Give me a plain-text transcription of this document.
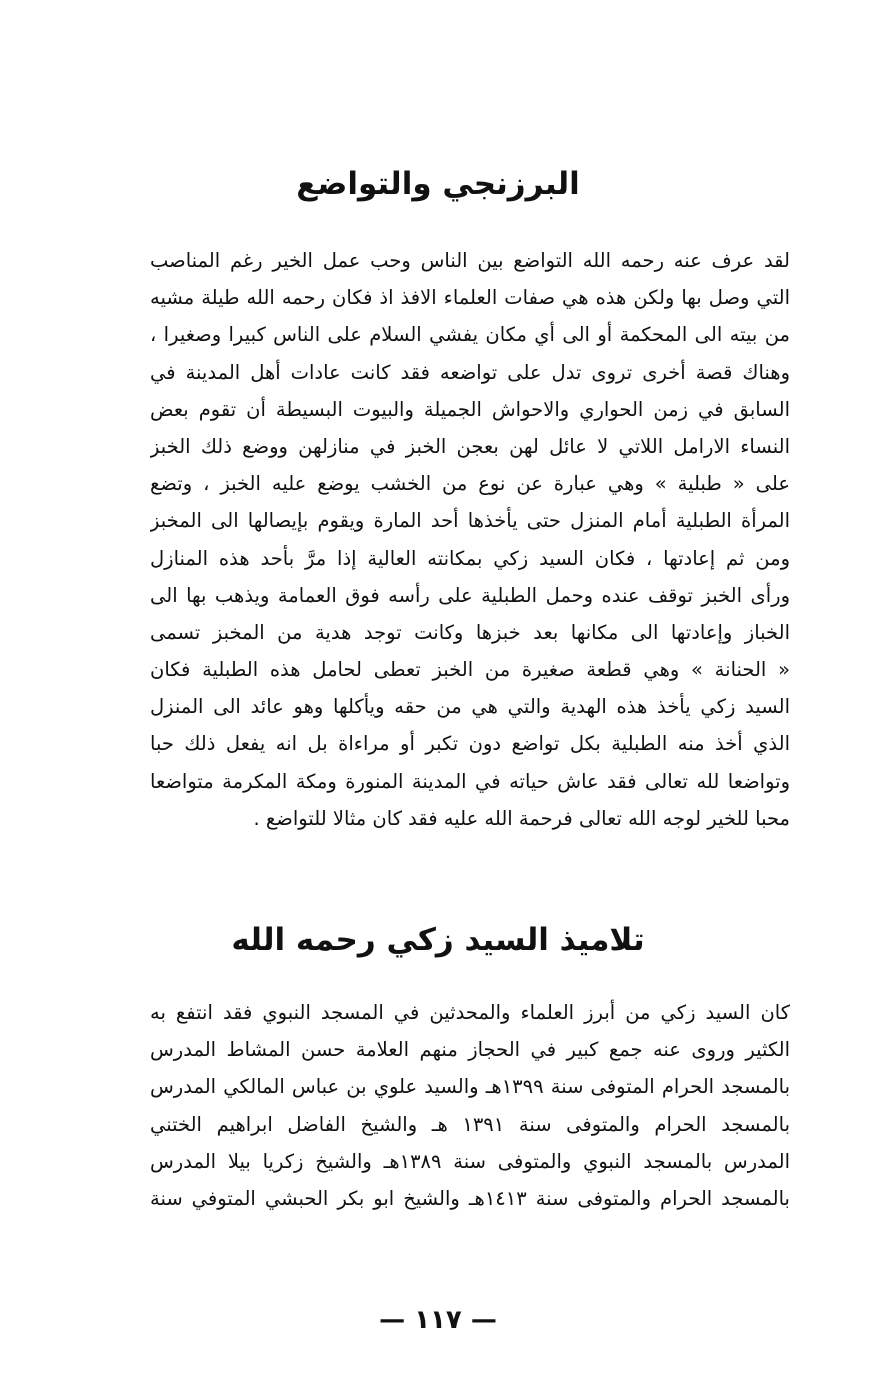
البرزنجي والتواضع
لقد عرف عنه رحمه الله التواضع بين الناس وحب عمل الخير رغم المناصب
التي وصل بها ولكن هذه هي صفات العلماء الافذ اذ فكان رحمه الله طيلة مشيه
من بيته الى المحكمة أو الى أي مكان يفشي السلام على الناس كبيرا وصغيرا ،
وهناك قصة أخرى تروى تدل على تواضعه فقد كانت عادات أهل المدينة في
السابق في زمن الحواري والاحواش الجميلة والبيوت البسيطة أن تقوم بعض
النساء الارامل اللاتي لا عائل لهن بعجن الخبز في منازلهن ووضع ذلك الخبز
على « طبلية » وهي عبارة عن نوع من الخشب يوضع عليه الخبز ، وتضع
المرأة الطبلية أمام المنزل حتى يأخذها أحد المارة ويقوم بإيصالها الى المخبز
ومن ثم إعادتها ، فكان السيد زكي بمكانته العالية إذا مرَّ بأحد هذه المنازل
ورأى الخبز توقف عنده وحمل الطبلية على رأسه فوق العمامة ويذهب بها الى
الخباز وإعادتها الى مكانها بعد خبزها وكانت توجد هدية من المخبز تسمى
« الحنانة » وهي قطعة صغيرة من الخبز تعطى لحامل هذه الطبلية فكان
السيد زكي يأخذ هذه الهدية والتي هي من حقه ويأكلها وهو عائد الى المنزل
الذي أخذ منه الطبلية بكل تواضع دون تكبر أو مراءاة بل انه يفعل ذلك حبا
وتواضعا لله تعالى فقد عاش حياته في المدينة المنورة ومكة المكرمة متواضعا
محبا للخير لوجه الله تعالى فرحمة الله عليه فقد كان مثالا للتواضع .
تلاميذ السيد زكي رحمه الله
كان السيد زكي من أبرز العلماء والمحدثين في المسجد النبوي فقد انتفع به
الكثير وروى عنه جمع كبير في الحجاز منهم العلامة حسن المشاط المدرس
بالمسجد الحرام المتوفى سنة ١٣٩٩هـ والسيد علوي بن عباس المالكي المدرس
بالمسجد الحرام والمتوفى سنة ١٣٩١ هـ والشيخ الفاضل ابراهيم الختني
المدرس بالمسجد النبوي والمتوفى سنة ١٣٨٩هـ والشيخ زكريا بيلا المدرس
بالمسجد الحرام والمتوفى سنة ١٤١٣هـ والشيخ ابو بكر الحبشي المتوفي سنة
— ١١٧ —
